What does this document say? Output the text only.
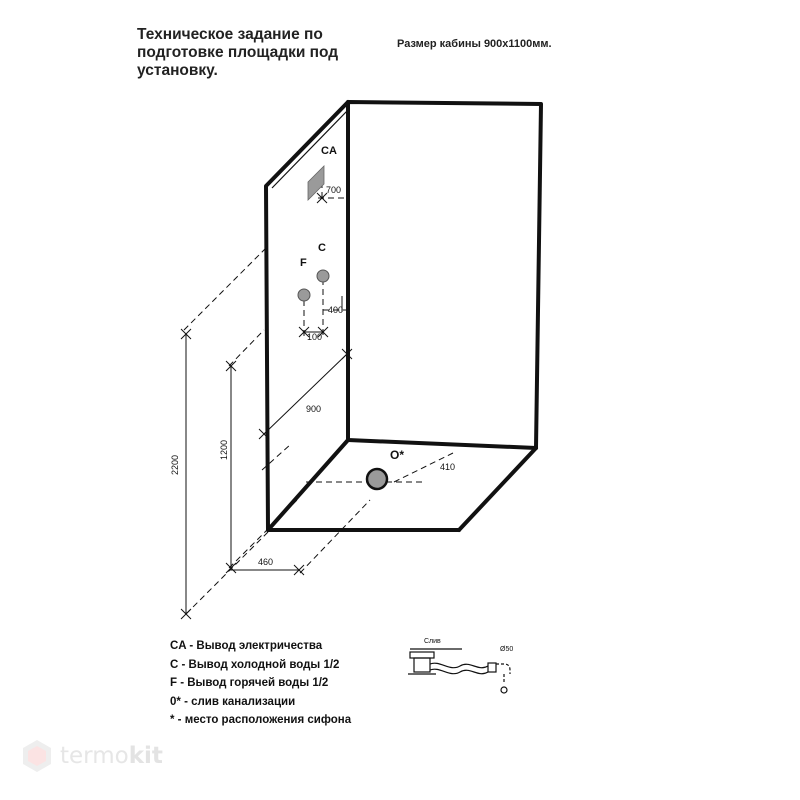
Техническое задание по подготовке площадки под установку.
Размер кабины 900х1100мм.
CA
F
C
O*
700
400
100
900
410
460
2200
1200
Слив
Ø50
CA - Вывод электричества
C - Вывод холодной воды 1/2
F - Вывод горячей воды 1/2
0* - слив канализации
* - место расположения сифона
termo kit
